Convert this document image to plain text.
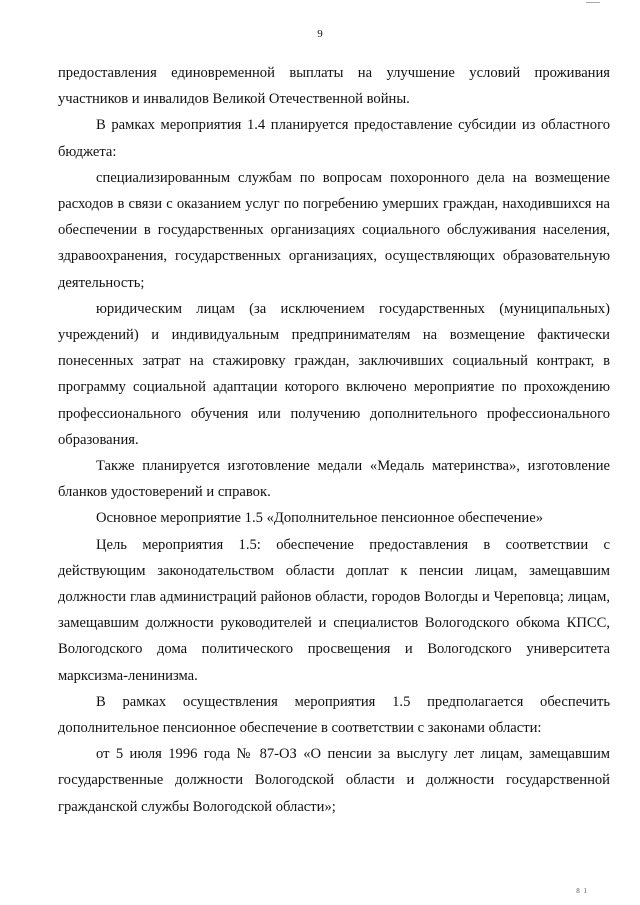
9

предоставления единовременной выплаты на улучшение условий проживания участников и инвалидов Великой Отечественной войны.

В рамках мероприятия 1.4 планируется предоставление субсидии из областного бюджета:

специализированным службам по вопросам похоронного дела на возмещение расходов в связи с оказанием услуг по погребению умерших граждан, находившихся на обеспечении в государственных организациях социального обслуживания населения, здравоохранения, государственных организациях, осуществляющих образовательную деятельность;

юридическим лицам (за исключением государственных (муниципальных) учреждений) и индивидуальным предпринимателям на возмещение фактически понесенных затрат на стажировку граждан, заключивших социальный контракт, в программу социальной адаптации которого включено мероприятие по прохождению профессионального обучения или получению дополнительного профессионального образования.

Также планируется изготовление медали «Медаль материнства», изготовление бланков удостоверений и справок.

Основное мероприятие 1.5 «Дополнительное пенсионное обеспечение»

Цель мероприятия 1.5: обеспечение предоставления в соответствии с действующим законодательством области доплат к пенсии лицам, замещавшим должности глав администраций районов области, городов Вологды и Череповца; лицам, замещавшим должности руководителей и специалистов Вологодского обкома КПСС, Вологодского дома политического просвещения и Вологодского университета марксизма-ленинизма.

В рамках осуществления мероприятия 1.5 предполагается обеспечить дополнительное пенсионное обеспечение в соответствии с законами области:

от 5 июля 1996 года № 87-ОЗ «О пенсии за выслугу лет лицам, замещавшим государственные должности Вологодской области и должности государственной гражданской службы Вологодской области»;

8 1
